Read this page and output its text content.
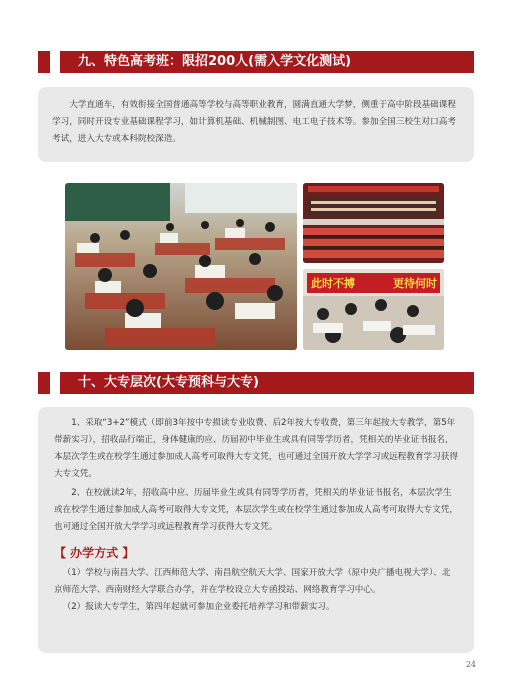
九、特色高考班：限招200人(需入学文化测试)

大学直通车，有效衔接全国普通高等学校与高等职业教育，圆满直通大学梦，侧重于高中阶段基础课程学习，同时开设专业基础课程学习，如计算机基础、机械制图、电工电子技术等。参加全国三校生对口高考考试，进入大专或本科院校深造。

此时不搏	更待何时
十、大专层次(大专预科与大专)

1、采取“3+2”模式（即前3年按中专损读专业收费、后2年按大专收费，第三年起按大专教学，第5年带薪实习），招收品行端正，身体健康的应、历届初中毕业生或具有同等学历者，凭相关的毕业证书报名，本层次学生或在校学生通过参加成人高考可取得大专文凭，也可通过全国开放大学学习或远程教育学习获得大专文凭。

2、在校就读2年，招收高中应、历届毕业生或具有同等学历者，凭相关的毕业证书报名，本层次学生或在校学生通过参加成人高考可取得大专文凭，本层次学生或在校学生通过参加成人高考可取得大专文凭，也可通过全国开放大学学习或远程教育学习获得大专文凭。

【 办学方式 】

（1）学校与南昌大学、江西师范大学、南昌航空航天大学、国家开放大学（原中央广播电视大学）、北京师范大学、西南财经大学联合办学，并在学校设立大专函授站、网络教育学习中心。

（2）报读大专学生，第四年起就可参加企业委托培养学习和带薪实习。

24
